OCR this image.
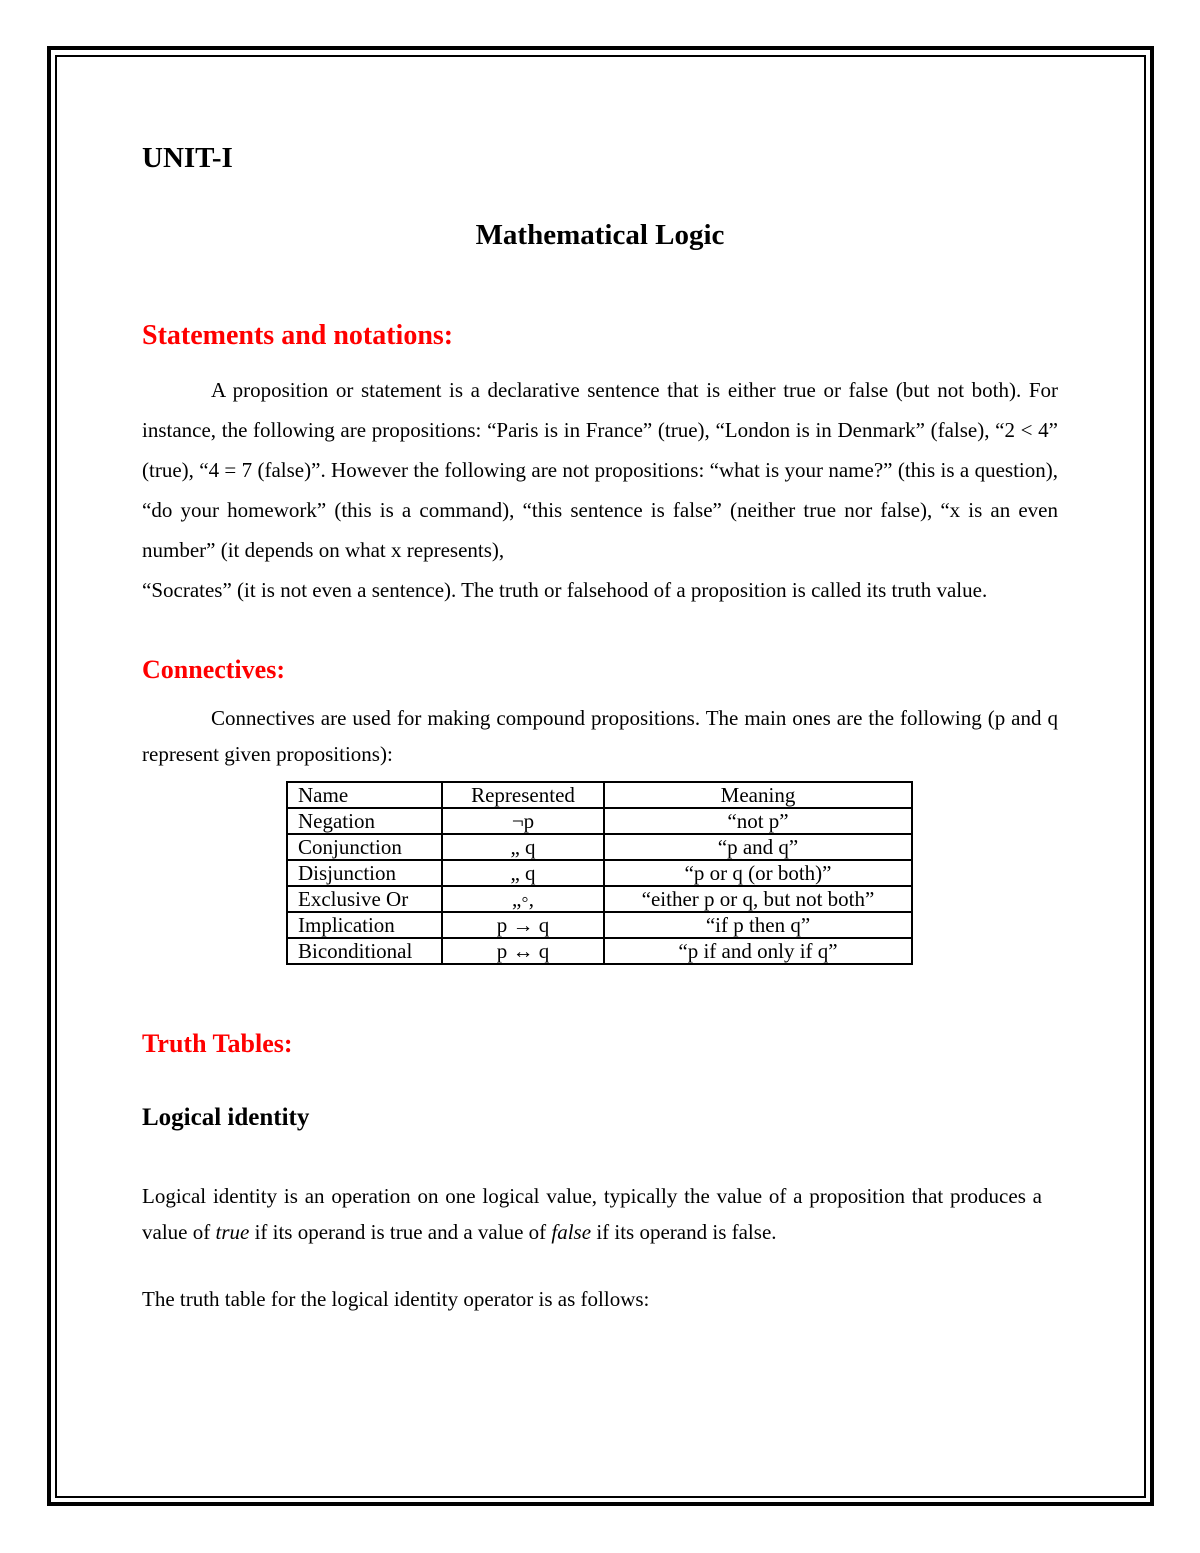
UNIT-I
Mathematical Logic
Statements and notations:

A proposition or statement is a declarative sentence that is either true or false (but not both). For instance, the following are propositions: “Paris is in France” (true), “London is in Denmark” (false), “2 < 4” (true), “4 = 7 (false)”. However the following are not propositions: “what is your name?” (this is a question), “do your homework” (this is a command), “this sentence is false” (neither true nor false), “x is an even number” (it depends on what x represents),

“Socrates” (it is not even a sentence). The truth or falsehood of a proposition is called its truth value.

Connectives:

Connectives are used for making compound propositions. The main ones are the following (p and q represent given propositions):

Name	Represented	Meaning
Negation	¬p	“not p”
Conjunction	„ q	“p and q”
Disjunction	„ q	“p or q (or both)”
Exclusive Or	„◦,	“either p or q, but not both”
Implication	p → q	“if p then q”
Biconditional	p ↔ q	“p if and only if q”
Truth Tables:
Logical identity
Logical identity is an operation on one logical value, typically the value of a proposition that produces a value of true if its operand is true and a value of false if its operand is false.
The truth table for the logical identity operator is as follows:
